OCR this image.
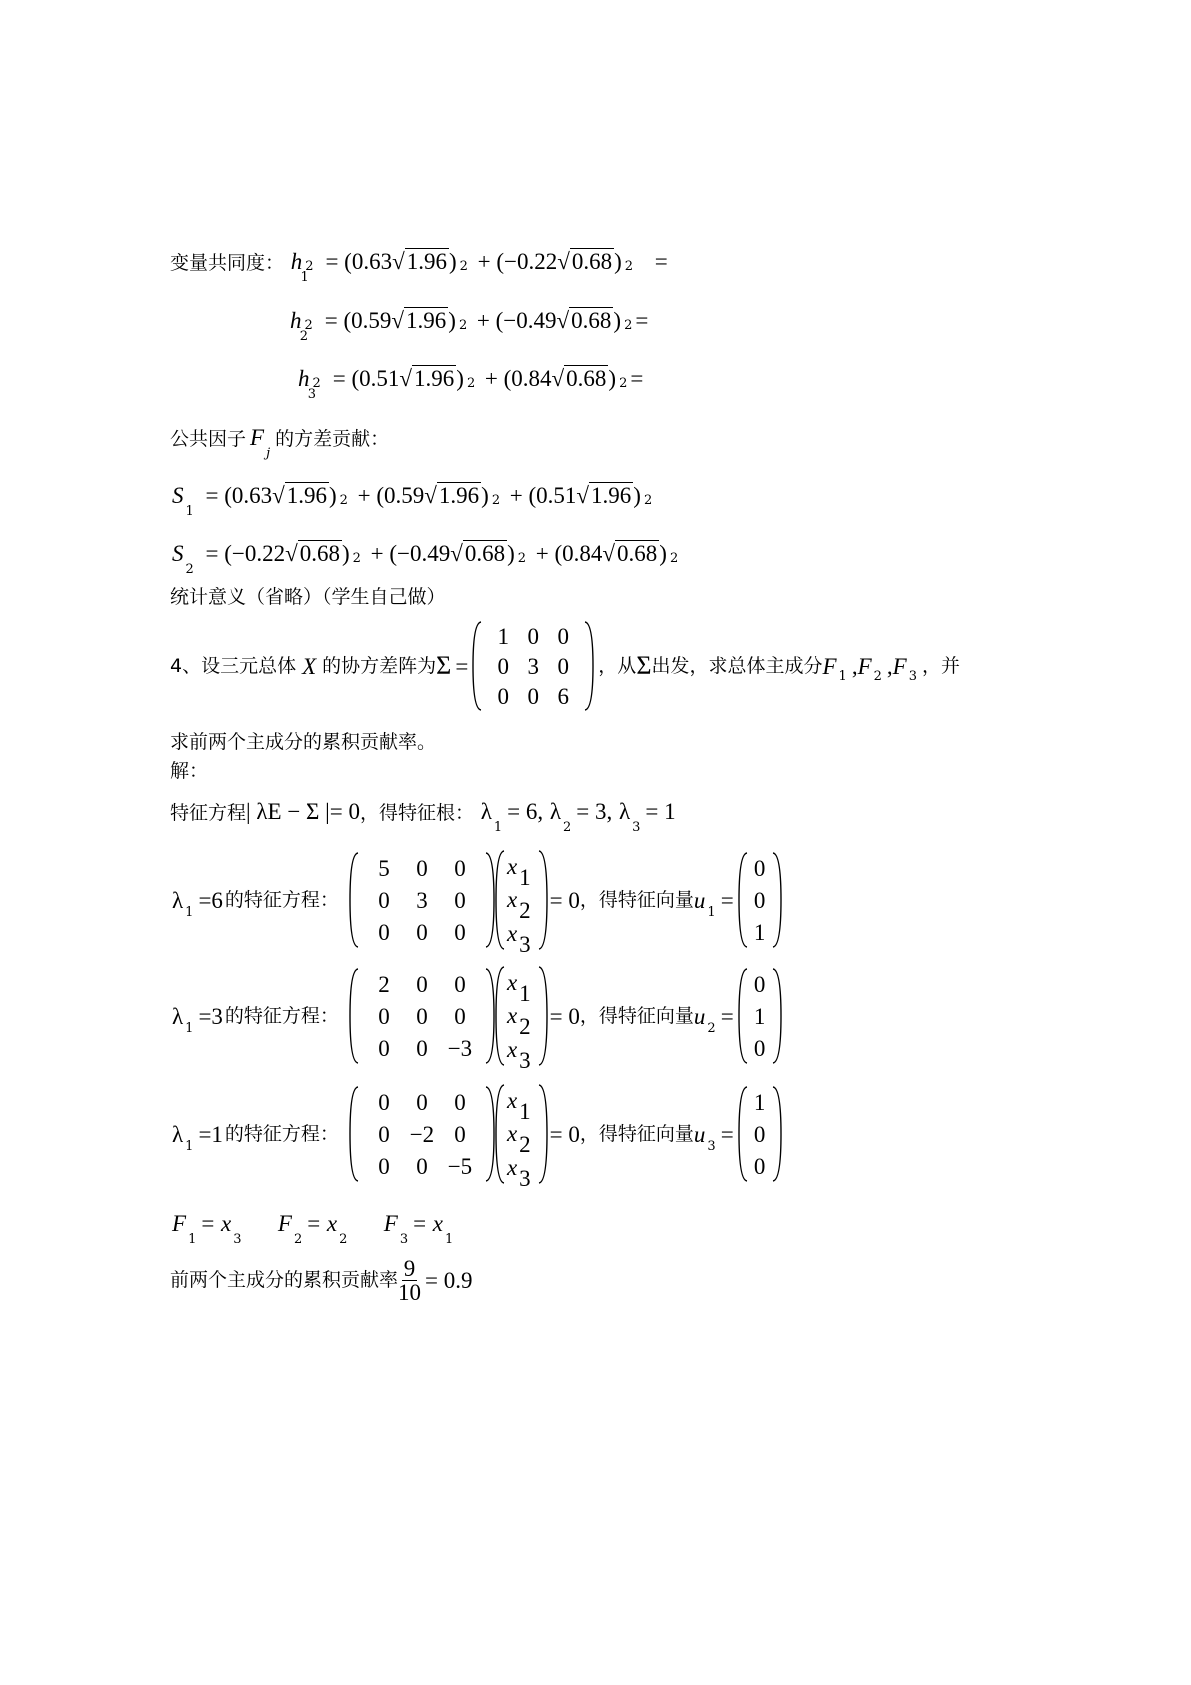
变量共同度： h $2_1 = (0.63√1.96) 2 + (-0.22√0.68) 2$ =
h $2_2 = (0.59√1.96) 2 + (-0.49√0.68) 2$ =
h $2_3 = (0.51√1.96) 2 + (0.84√0.68) 2$ =
公共因子 $F_j$的方差贡献：
$S_1 = (0.63√1.96) 2 + (0.59√1.96) 2 + (0.51√1.96)$ 2
$S_2 = (-0.22√0.68) 2 + (-0.49√0.68) 2 + (0.84√0.68)$ 2
统计意义（省略）（学生自己做）
4、设三元总体 X 的协方差阵为 Σ =
1 0 0
0 3 0
0 0 6
，从 Σ 出发，求总体主成分 F 1 , F 2 , F 3 ，并
求前两个主成分的累积贡献率。
解：
特征方程| λE − Σ |= 0，得特征根： $\lambda_1= 6$, $\lambda_2= 3$, $\lambda_3= 1$
λ 1 = 6 的特征方程：
5 0 0
0 3 0
0 0 0
x1
x2
x3
= 0 ，得特征向量 u 1 =
0
0
1
λ 1 = 3 的特征方程：
2 0 0
0 0 0
0 0 −3
x1
x2
x3
= 0 ，得特征向量 u 2 =
0
1
0
λ 1 = 1 的特征方程：
0 0 0
0 −2 0
0 0 −5
x1
x2
x3
= 0 ，得特征向量 u 3 =
1
0
0
$F_1= x_3$  $F_2= x_2$  $F_3= x_1$
前两个主成分的累积贡献率 $\frac{9}{10} = 0.9$
